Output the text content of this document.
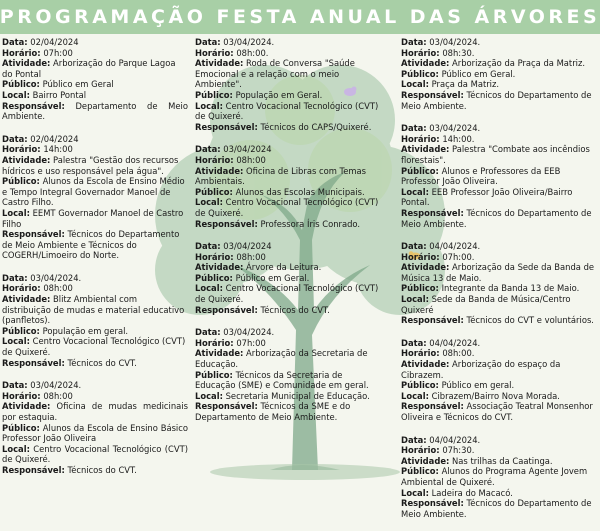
PROGRAMAÇÃO FESTA ANUAL DAS ÁRVORES

Data: 02/04/2024

Horário: 07h:00

Atividade: Arborização do Parque Lagoa do Pontal

Público: Público em Geral

Local: Bairro Pontal

Responsável: Departamento de Meio Ambiente.

Data: 02/04/2024

Horário: 14h:00

Atividade: Palestra "Gestão dos recursos hídricos e uso responsável pela água". Público: Alunos da Escola de Ensino Médio e Tempo Integral Governador Manoel de Castro Filho.

Local: EEMT Governador Manoel de Castro Filho

Responsável: Técnicos do Departamento de Meio Ambiente e Técnicos do COGERH/Limoeiro do Norte.

Data: 03/04/2024.

Horário: 08h:00

Atividade: Blitz Ambiental com distribuição de mudas e material educativo (panfletos).

Público: População em geral.

Local: Centro Vocacional Tecnológico (CVT) de Quixeré.

Responsável: Técnicos do CVT.

Data: 03/04/2024.

Horário: 08h:00

Atividade: Oficina de mudas medicinais por estaquia.

Público: Alunos da Escola de Ensino Básico Professor João Oliveira

Local: Centro Vocacional Tecnológico (CVT) de Quixeré.

Responsável: Técnicos do CVT.

Data: 03/04/2024.

Horário: 08h:00.

Atividade: Roda de Conversa "Saúde Emocional e a relação com o meio Ambiente".

Público: População em Geral.

Local: Centro Vocacional Tecnológico (CVT) de Quixeré.

Responsável: Técnicos do CAPS/Quixeré.

Data: 03/04/2024

Horário: 08h:00

Atividade: Oficina de Libras com Temas Ambientais.

Público: Alunos das Escolas Municipais.

Local: Centro Vocacional Tecnológico (CVT) de Quixeré.

Responsável: Professora Íris Conrado.

Data: 03/04/2024

Horário: 08h:00

Atividade: Árvore da Leitura.

Público: Público em Geral.

Local: Centro Vocacional Tecnológico (CVT) de Quixeré.

Responsável: Técnicos do CVT.

Data: 03/04/2024.

Horário: 07h:00

Atividade: Arborização da Secretaria de Educação.

Público: Técnicos da Secretaria de Educação (SME) e Comunidade em geral.

Local: Secretaria Municipal de Educação.

Responsável: Técnicos da SME e do Departamento de Meio Ambiente.

Data: 03/04/2024.

Horário: 08h:30.

Atividade: Arborização da Praça da Matriz.

Público: Público em Geral.

Local: Praça da Matriz.

Responsável: Técnicos do Departamento de Meio Ambiente.

Data: 03/04/2024.

Horário: 14h:00.

Atividade: Palestra "Combate aos incêndios florestais".

Público: Alunos e Professores da EEB Professor João Oliveira.

Local: EEB Professor João Oliveira/Bairro Pontal.

Responsável: Técnicos do Departamento de Meio Ambiente.

Data: 04/04/2024.

Horário: 07h:00.

Atividade: Arborização da Sede da Banda de Música 13 de Maio.

Público: Integrante da Banda 13 de Maio.

Local: Sede da Banda de Música/Centro Quixeré

Responsável: Técnicos do CVT e voluntários.

Data: 04/04/2024.

Horário: 08h:00.

Atividade: Arborização do espaço da Cibrazem.

Público: Público em geral.

Local: Cibrazem/Bairro Nova Morada.

Responsável: Associação Teatral Monsenhor Oliveira e Técnicos do CVT.

Data: 04/04/2024.

Horário: 07h:30.

Atividade: Nas trilhas da Caatinga.

Público: Alunos do Programa Agente Jovem Ambiental de Quixeré.

Local: Ladeira do Macacó.

Responsável: Técnicos do Departamento de Meio Ambiente.
